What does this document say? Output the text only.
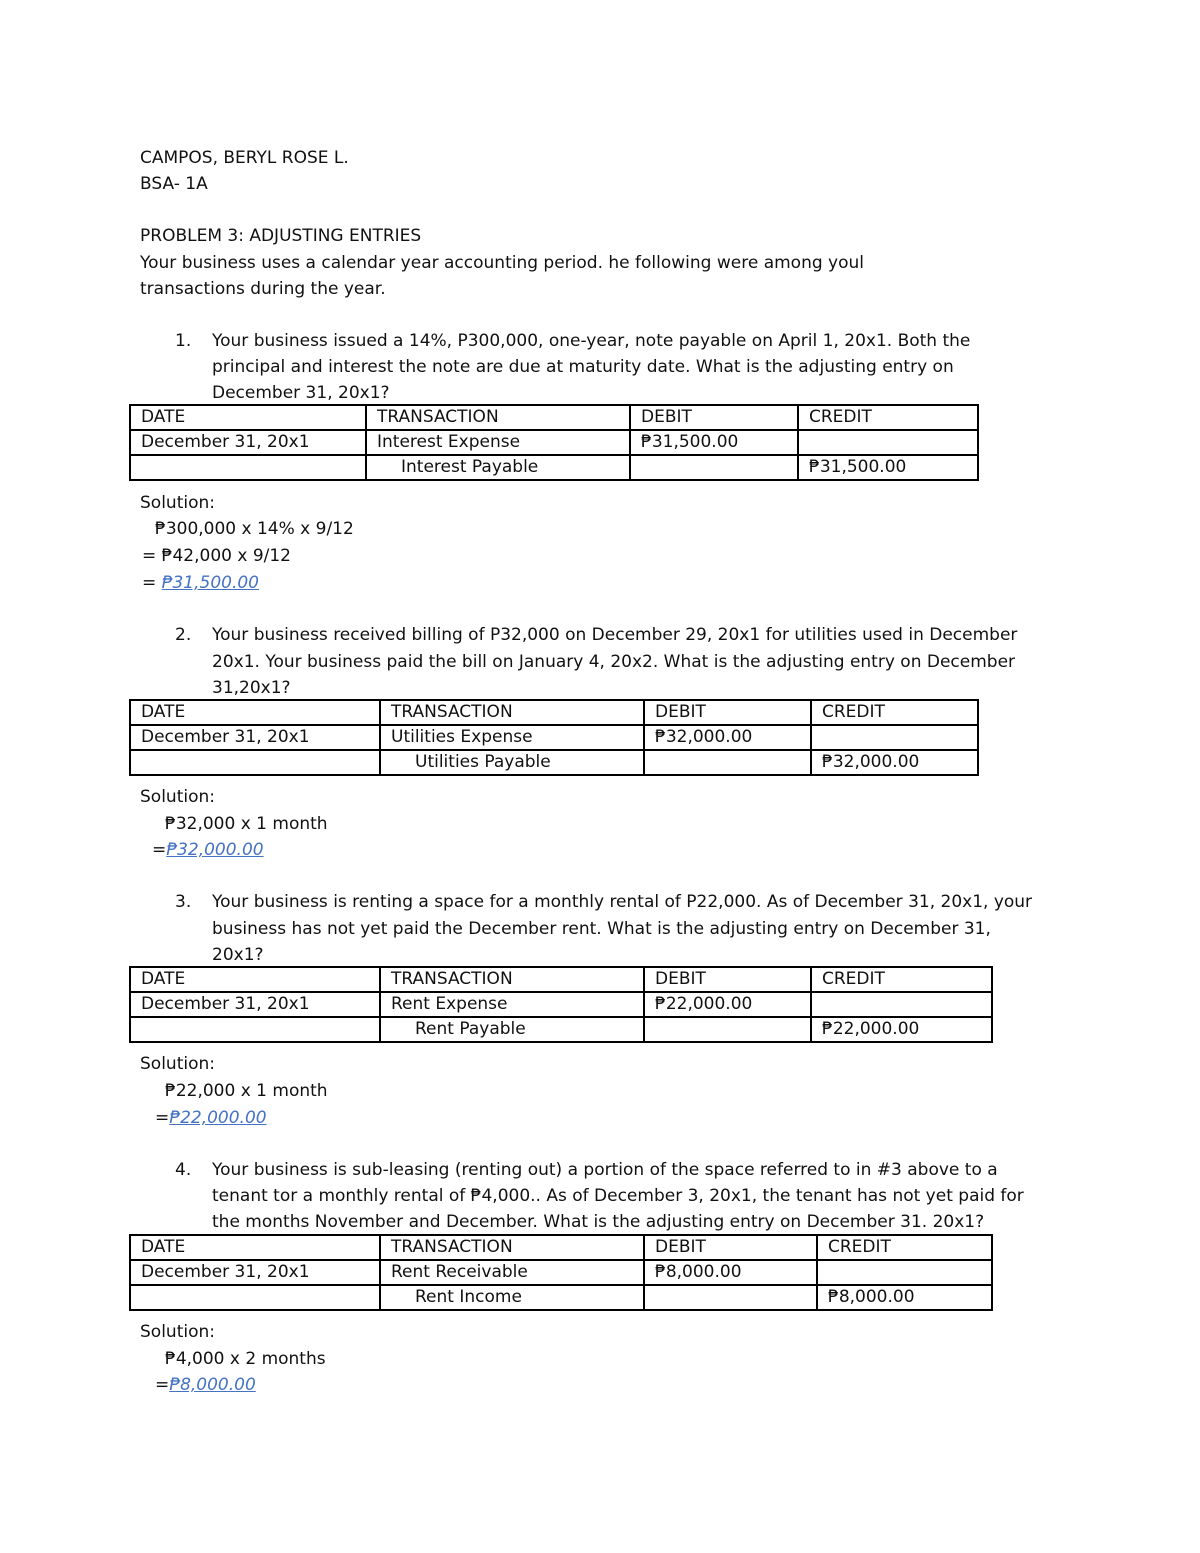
CAMPOS, BERYL ROSE L.
BSA- 1A
PROBLEM 3: ADJUSTING ENTRIES
Your business uses a calendar year accounting period. he following were among youl
transactions during the year.
1.	Your business issued a 14%, P300,000, one-year, note payable on April 1, 20x1. Both the
principal and interest the note are due at maturity date. What is the adjusting entry on
December 31, 20x1?
DATE	TRANSACTION	DEBIT	CREDIT
December 31, 20x1	Interest Expense	₱31,500.00	
	Interest Payable		₱31,500.00
Solution:
₱300,000 x 14% x 9/12
= ₱42,000 x 9/12
= ₱31,500.00
2.	Your business received billing of P32,000 on December 29, 20x1 for utilities used in December
20x1. Your business paid the bill on January 4, 20x2. What is the adjusting entry on December
31,20x1?
DATE	TRANSACTION	DEBIT	CREDIT
December 31, 20x1	Utilities Expense	₱32,000.00	
	Utilities Payable		₱32,000.00
Solution:
₱32,000 x 1 month
=₱32,000.00
3.	Your business is renting a space for a monthly rental of P22,000. As of December 31, 20x1, your
business has not yet paid the December rent. What is the adjusting entry on December 31,
20x1?
DATE	TRANSACTION	DEBIT	CREDIT
December 31, 20x1	Rent Expense	₱22,000.00	
	Rent Payable		₱22,000.00
Solution:
₱22,000 x 1 month
=₱22,000.00
4.	Your business is sub-leasing (renting out) a portion of the space referred to in #3 above to a
tenant tor a monthly rental of ₱4,000.. As of December 3, 20x1, the tenant has not yet paid for
the months November and December. What is the adjusting entry on December 31. 20x1?
DATE	TRANSACTION	DEBIT	CREDIT
December 31, 20x1	Rent Receivable	₱8,000.00	
	Rent Income		₱8,000.00
Solution:
₱4,000 x 2 months
=₱8,000.00
